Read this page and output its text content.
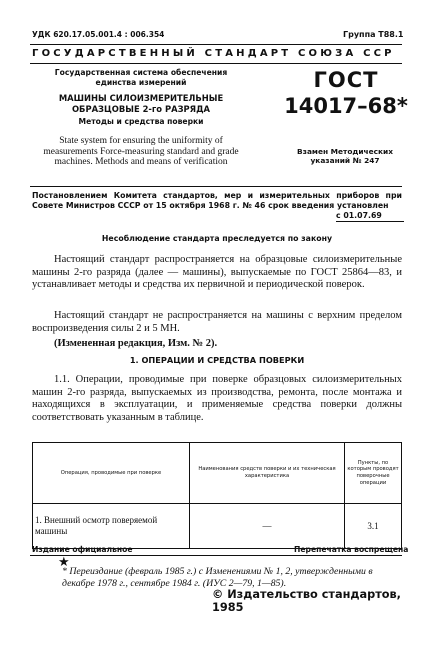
УДК 620.17.05.001.4 : 006.354	Группа Т88.1
ГОСУДАРСТВЕННЫЙ СТАНДАРТ СОЮЗА ССР
Государственная система обеспечения единства измерений
МАШИНЫ СИЛОИЗМЕРИТЕЛЬНЫЕ ОБРАЗЦОВЫЕ 2-го РАЗРЯДА
Методы и средства поверки
ГОСТ
14017–68*
State system for ensuring the uniformity of measurements Force-measuring standard and grade machines. Methods and means of verification
Взамен Методических указаний № 247
Постановлением Комитета стандартов, мер и измерительных приборов при Совете Министров СССР от 15 октября 1968 г. № 46 срок введения установлен
с 01.07.69
Несоблюдение стандарта преследуется по закону
Настоящий стандарт распространяется на образцовые силоизмерительные машины 2-го разряда (далее — машины), выпускаемые по ГОСТ 25864—83, и устанавливает методы и средства их первичной и периодической поверок.
Настоящий стандарт не распространяется на машины с верхним пределом воспроизведения силы 2 и 5 МН.
(Измененная редакция, Изм. № 2).
1. ОПЕРАЦИИ И СРЕДСТВА ПОВЕРКИ
1.1. Операции, проводимые при поверке образцовых силоизмерительных машин 2-го разряда, выпускаемых из производства, ремонта, после монтажа и находящихся в эксплуатации, и применяемые средства поверки должны соответствовать указанным в таблице.
Операция, проводимые при поверке	Наименования средств поверки и их техническая характеристика	Пункты, по которым проводят поверочные операции
1. Внешний осмотр поверяемой машины	—	3.1
Издание официальное	Перепечатка воспрещена
★
* Переиздание (февраль 1985 г.) с Изменениями № 1, 2, утвержденными в декабре 1978 г., сентябре 1984 г. (ИУС 2—79, 1—85).
© Издательство стандартов, 1985
